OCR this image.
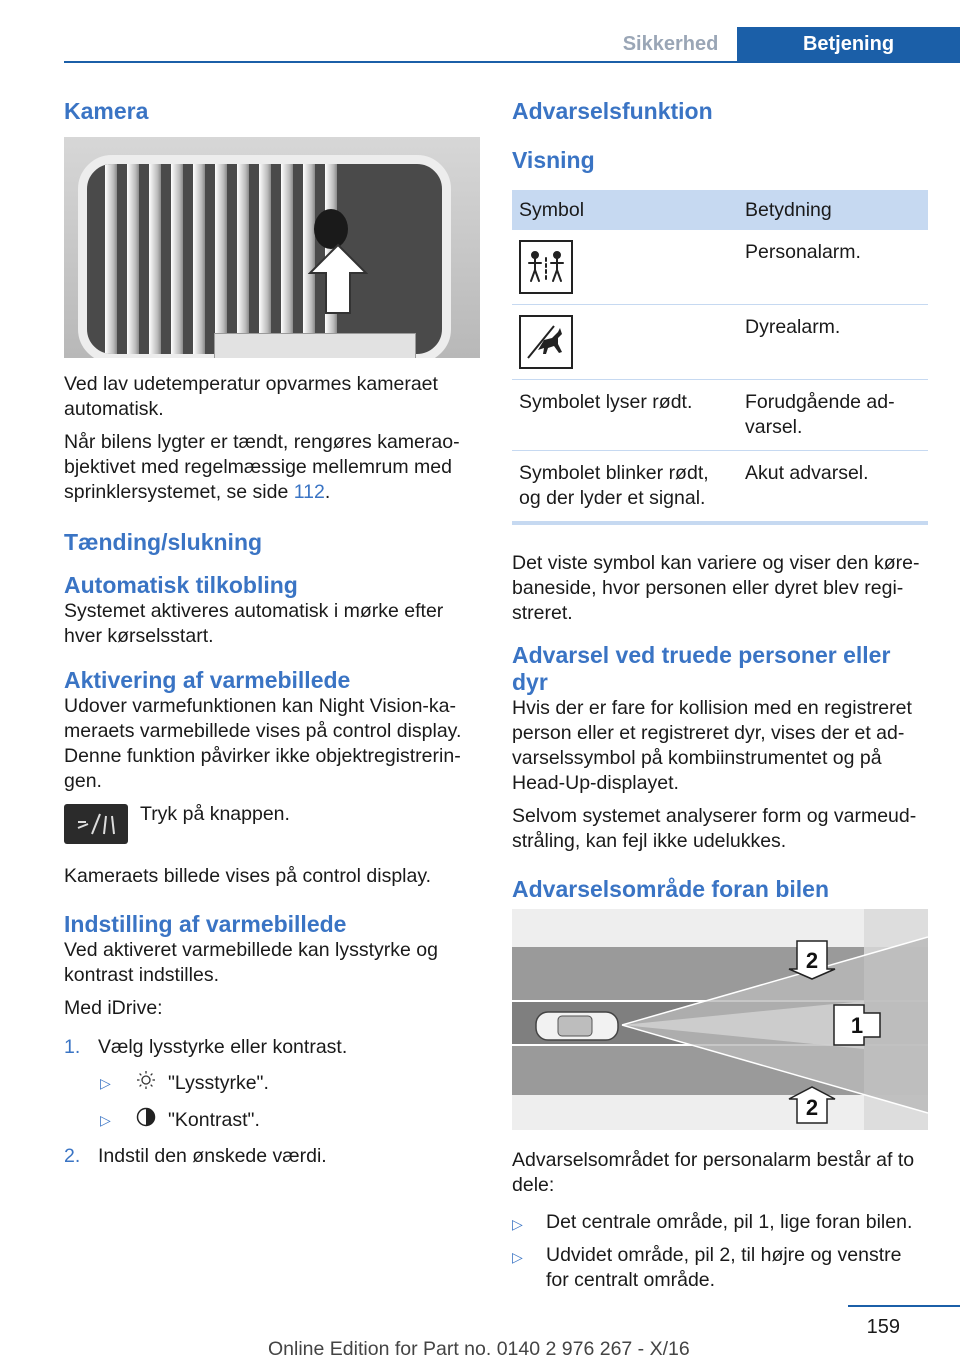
Sikkerhed	Betjening
Kamera

Ved lav udetemperatur opvarmes kameraet automatisk.

Når bilens lygter er tændt, rengøres kamerao‐bjektivet med regelmæssige mellemrum med sprinklersystemet, se side 112.

Tænding/slukning
Automatisk tilkobling

Systemet aktiveres automatisk i mørke efter hver kørselsstart.

Aktivering af varmebillede

Udover varmefunktionen kan Night Vision-ka‐meraets varmebillede vises på control display. Denne funktion påvirker ikke objektregistrerin‐gen.

Tryk på knappen.

Kameraets billede vises på control display.

Indstilling af varmebillede

Ved aktiveret varmebillede kan lysstyrke og kontrast indstilles.

Med iDrive:

1. Vælg lysstyrke eller kontrast.
▷	"Lysstyrke".
▷	"Kontrast".
2. Indstil den ønskede værdi.
Advarselsfunktion
Visning
Symbol	Betydning

	Personalarm.

	Dyrealarm.
Symbolet lyser rødt.	Forudgående ad‐varsel.
Symbolet blinker rødt, og der lyder et signal.	Akut advarsel.

Det viste symbol kan variere og viser den køre‐baneside, hvor personen eller dyret blev regi‐streret.

Advarsel ved truede personer eller dyr

Hvis der er fare for kollision med en registreret person eller et registreret dyr, vises der et ad‐varselssymbol på kombiinstrumentet og på Head-Up-displayet.

Selvom systemet analyserer form og varmeud‐stråling, kan fejl ikke udelukkes.

Advarselsområde foran bilen
2
1
2

Advarselsområdet for personalarm består af to dele:

▷ Det centrale område, pil 1, lige foran bilen.
▷ Udvidet område, pil 2, til højre og venstre for centralt område.
159
Online Edition for Part no. 0140 2 976 267 - X/16
